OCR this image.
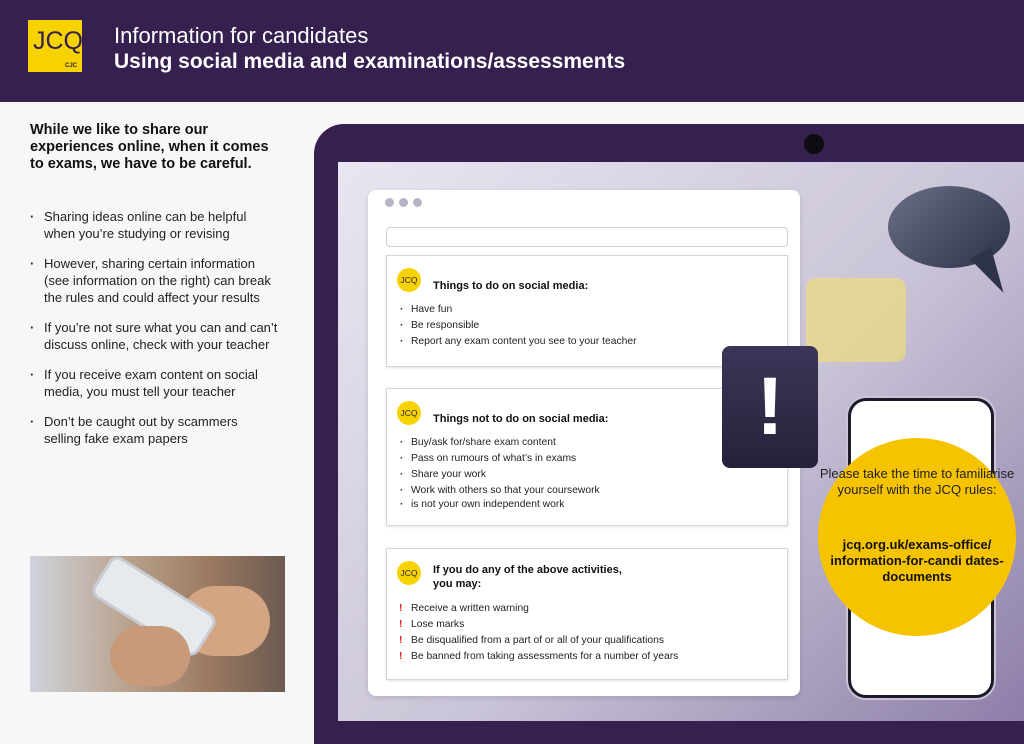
JCQ
CJC
Information for candidates
Using social media and examinations/assessments
While we like to share our experiences online, when it comes to exams, we have to be careful.
· Sharing ideas online can be helpful when you’re studying or revising
· However, sharing certain information (see information on the right) can break the rules and could affect your results
· If you’re not sure what you can and can’t discuss online, check with your teacher
· If you receive exam content on social media, you must tell your teacher
· Don’t be caught out by scammers selling fake exam papers
JCQ	Things to do on social media:
· Have fun
· Be responsible
· Report any exam content you see to your teacher
JCQ	Things not to do on social media:
· Buy/ask for/share exam content
· Pass on rumours of what’s in exams
· Share your work
· Work with others so that your coursework
· is not your own independent work
JCQ	If you do any of the above activities, you may:
! Receive a written warning
! Lose marks
! Be disqualified from a part of or all of your qualifications
! Be banned from taking assessments for a number of years
!
Please take the time to familiarise yourself with the JCQ rules:
jcq.org.uk/exams-office/ information-for-candi dates-documents
